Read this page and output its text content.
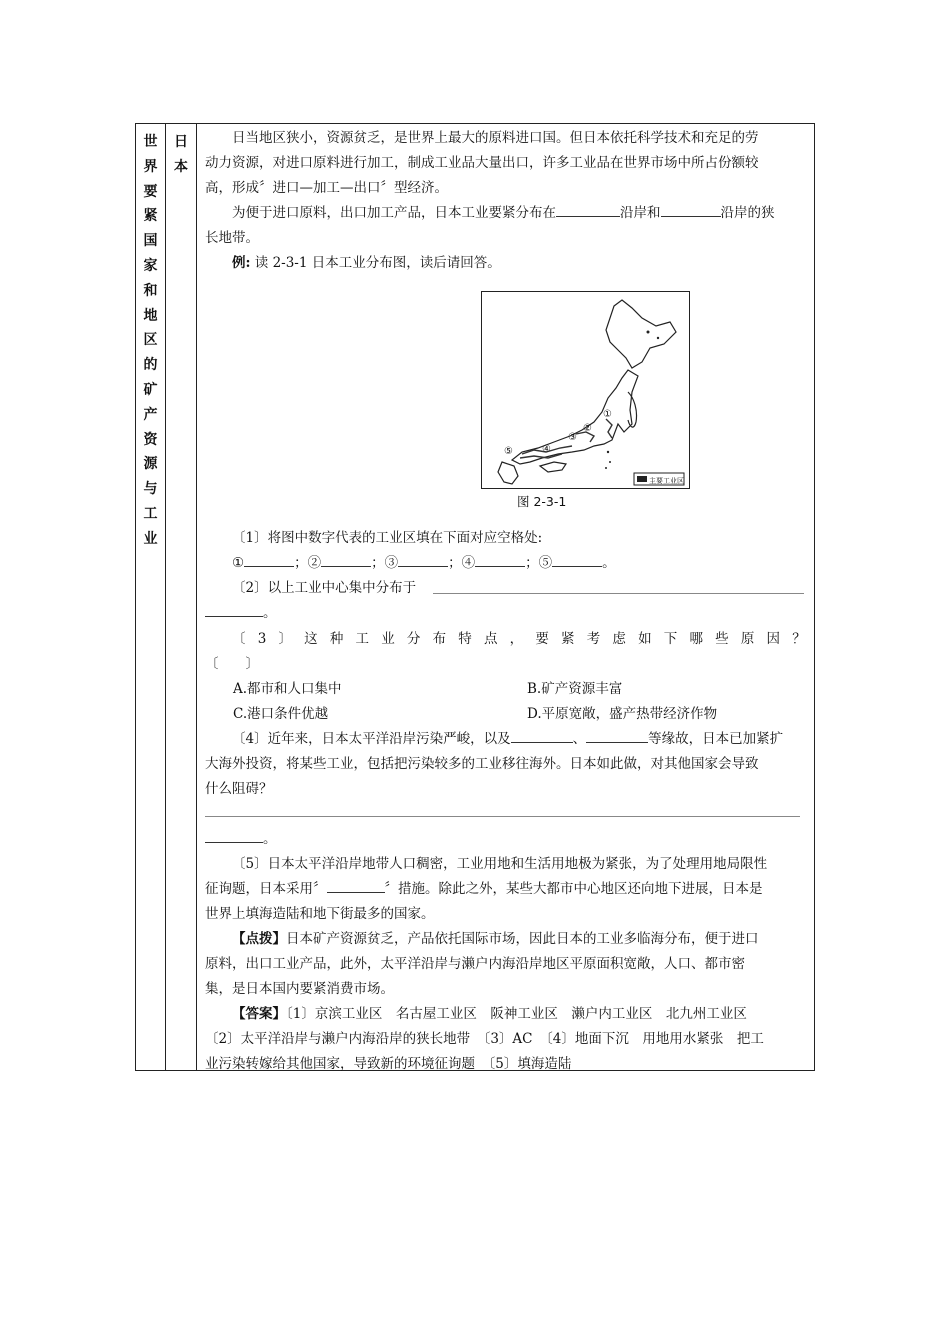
世
界
要
紧
国
家
和
地
区
的
矿
产
资
源
与
工
业
日
本
日当地区狭小，资源贫乏，是世界上最大的原料进口国。但日本依托科学技术和充足的劳
动力资源，对进口原料进行加工，制成工业品大量出口，许多工业品在世界市场中所占份额较
高，形成〞进口—加工—出口〞型经济。
为便于进口原料，出口加工产品，日本工业要紧分布在	沿岸和	沿岸的狭
长地带。
例: 读 2-3-1 日本工业分布图，读后请回答。
①
②
③
④
⑤
主要工业区
图 2-3-1
〔1〕将图中数字代表的工业区填在下面对应空格处:
①	；②	；③	；④	；⑤	。
〔2〕以上工业中心集中分布于
。
〔 3 〕 这 种 工 业 分 布 特 点 ， 要 紧 考 虑 如 下 哪 些 原 因 ？
〔　　〕
A.都市和人口集中	B.矿产资源丰富
C.港口条件优越	D.平原宽敞，盛产热带经济作物
〔4〕近年来，日本太平洋沿岸污染严峻，以及	、	等缘故，日本已加紧扩
大海外投资，将某些工业，包括把污染较多的工业移往海外。日本如此做，对其他国家会导致
什么阻碍？
。
〔5〕日本太平洋沿岸地带人口稠密，工业用地和生活用地极为紧张，为了处理用地局限性
征询题，日本采用〞	〞措施。除此之外，某些大都市中心地区还向地下进展，日本是
世界上填海造陆和地下街最多的国家。
【点拨】日本矿产资源贫乏，产品依托国际市场，因此日本的工业多临海分布，便于进口
原料，出口工业产品，此外，太平洋沿岸与濑户内海沿岸地区平原面积宽敞，人口、都市密
集，是日本国内要紧消费市场。
【答案】〔1〕京滨工业区　名古屋工业区　阪神工业区　濑户内工业区　北九州工业区
〔2〕太平洋沿岸与濑户内海沿岸的狭长地带　〔3〕AC　〔4〕地面下沉　用地用水紧张　把工
业污染转嫁给其他国家，导致新的环境征询题　〔5〕填海造陆
